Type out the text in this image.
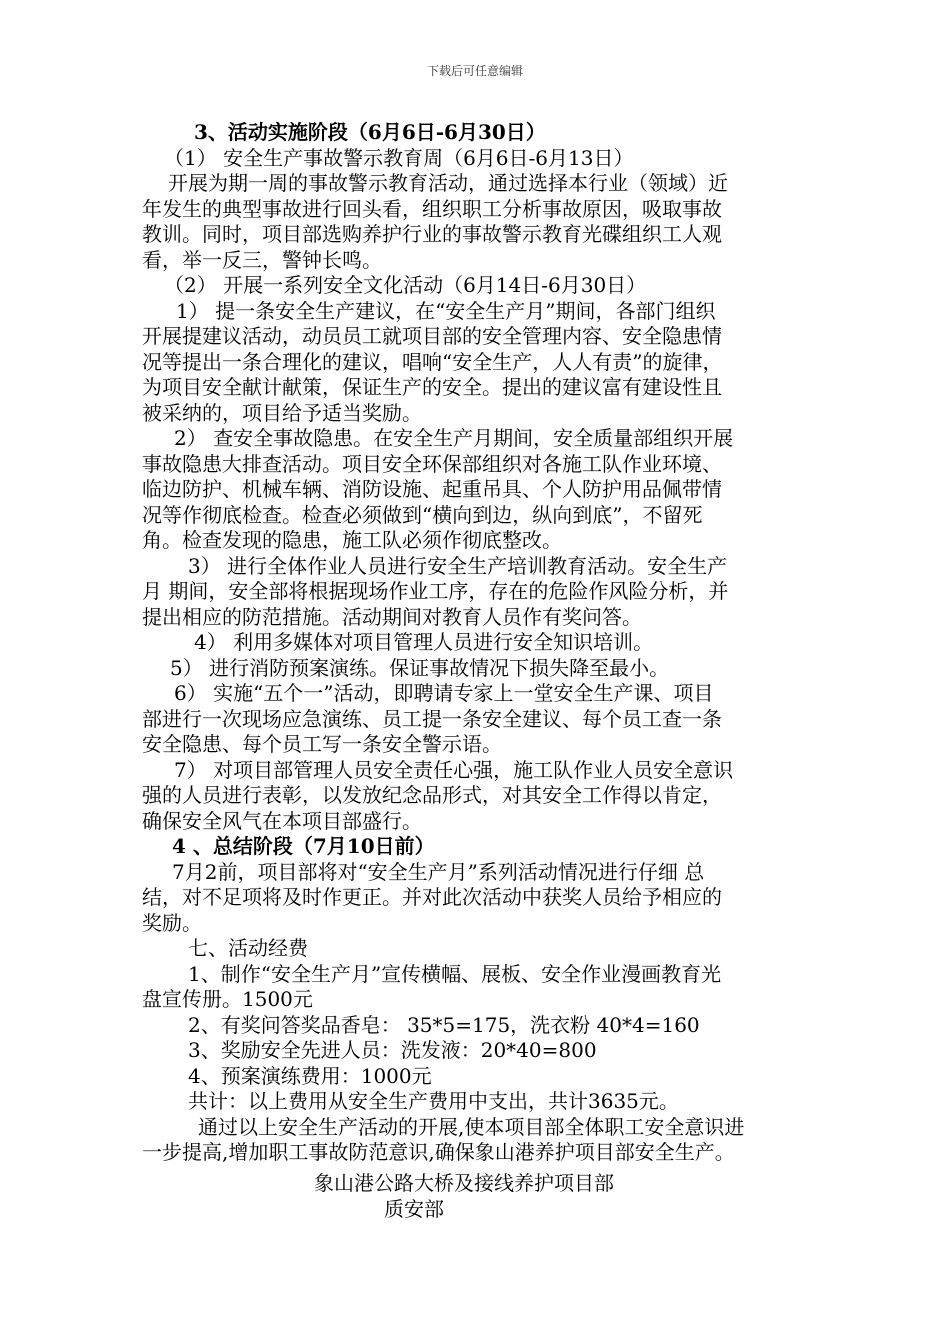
下载后可任意编辑
3、活动实施阶段（6月6日-6月30日）
（1） 安全生产事故警示教育周（6月6日-6月13日）
开展为期一周的事故警示教育活动，通过选择本行业（领域）近
年发生的典型事故进行回头看，组织职工分析事故原因，吸取事故
教训。同时，项目部选购养护行业的事故警示教育光碟组织工人观
看，举一反三，警钟长鸣。
（2） 开展一系列安全文化活动（6月14日-6月30日）
1） 提一条安全生产建议，在“安全生产月”期间，各部门组织
开展提建议活动，动员员工就项目部的安全管理内容、安全隐患情
况等提出一条合理化的建议，唱响“安全生产，人人有责”的旋律，
为项目安全献计献策，保证生产的安全。提出的建议富有建设性且
被采纳的，项目给予适当奖励。
2） 查安全事故隐患。在安全生产月期间，安全质量部组织开展
事故隐患大排查活动。项目安全环保部组织对各施工队作业环境、
临边防护、机械车辆、消防设施、起重吊具、个人防护用品佩带情
况等作彻底检查。检查必须做到“横向到边，纵向到底”，不留死
角。检查发现的隐患，施工队必须作彻底整改。
3） 进行全体作业人员进行安全生产培训教育活动。安全生产
月 期间，安全部将根据现场作业工序，存在的危险作风险分析，并
提出相应的防范措施。活动期间对教育人员作有奖问答。
4） 利用多媒体对项目管理人员进行安全知识培训。
5） 进行消防预案演练。保证事故情况下损失降至最小。
6） 实施“五个一”活动，即聘请专家上一堂安全生产课、项目
部进行一次现场应急演练、员工提一条安全建议、每个员工查一条
安全隐患、每个员工写一条安全警示语。
7） 对项目部管理人员安全责任心强，施工队作业人员安全意识
强的人员进行表彰，以发放纪念品形式，对其安全工作得以肯定，
确保安全风气在本项目部盛行。
4 、总结阶段（7月10日前）
7月2前，项目部将对“安全生产月”系列活动情况进行仔细 总
结，对不足项将及时作更正。并对此次活动中获奖人员给予相应的
奖励。
七、活动经费
1、制作“安全生产月”宣传横幅、展板、安全作业漫画教育光
盘宣传册。1500元
2、有奖问答奖品香皂： 35*5=175，洗衣粉 40*4=160
3、奖励安全先进人员：洗发液：20*40=800
4、预案演练费用：1000元
共计：以上费用从安全生产费用中支出，共计3635元。
通过以上安全生产活动的开展,使本项目部全体职工安全意识进
一步提高,增加职工事故防范意识,确保象山港养护项目部安全生产。
象山港公路大桥及接线养护项目部
质安部
